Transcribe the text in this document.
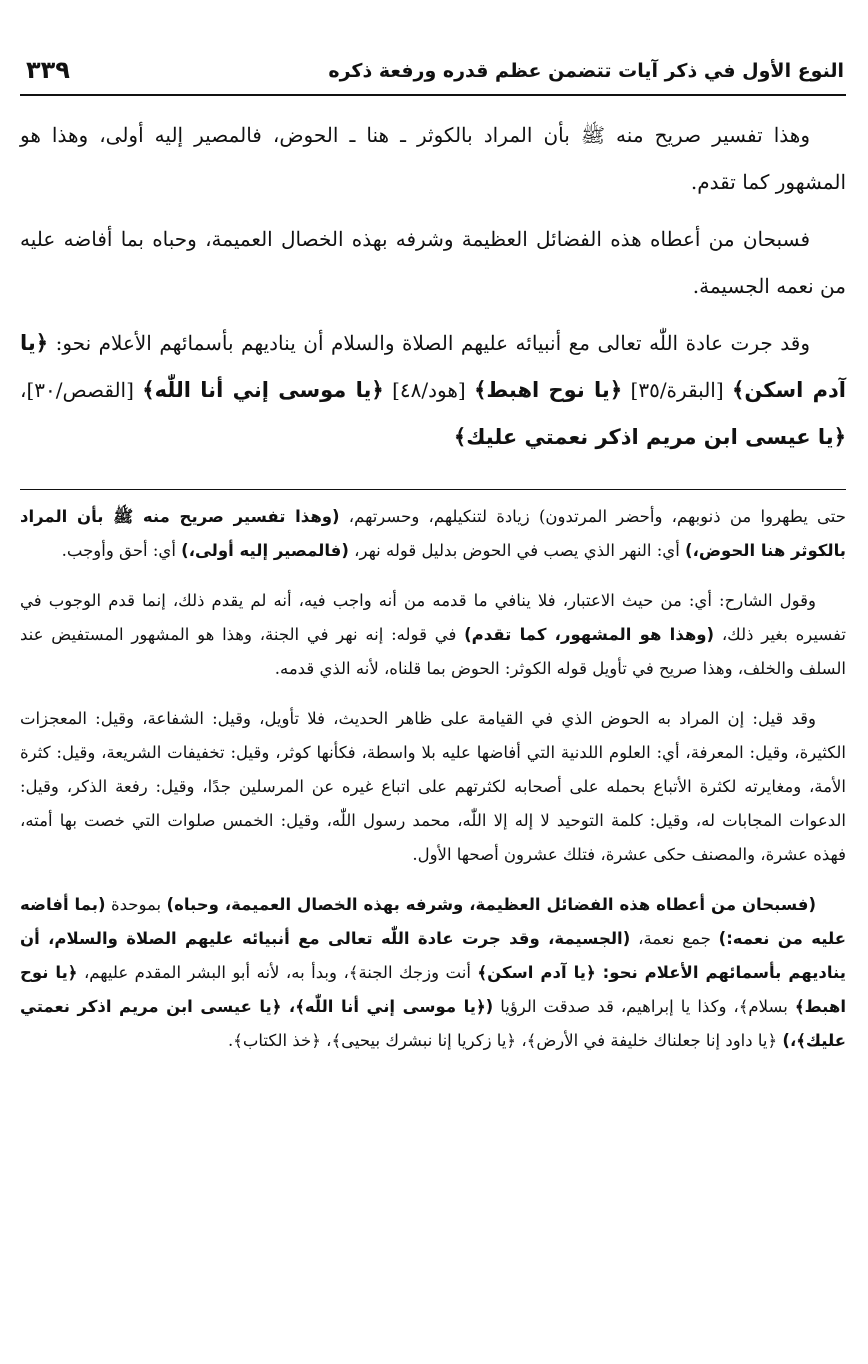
النوع الأول في ذكر آيات تتضمن عظم قدره ورفعة ذكره
٣٣٩

وهذا تفسير صريح منه ﷺ بأن المراد بالكوثر ـ هنا ـ الحوض، فالمصير إليه أولى، وهذا هو المشهور كما تقدم.

فسبحان من أعطاه هذه الفضائل العظيمة وشرفه بهذه الخصال العميمة، وحباه بما أفاضه عليه من نعمه الجسيمة.

وقد جرت عادة اللّٰه تعالى مع أنبيائه عليهم الصلاة والسلام أن يناديهم بأسمائهم الأعلام نحو: ﴿يا آدم اسكن﴾ [البقرة/٣٥] ﴿يا نوح اهبط﴾ [هود/٤٨] ﴿يا موسى إني أنا اللّٰه﴾ [القصص/٣٠]، ﴿يا عيسى ابن مريم اذكر نعمتي عليك﴾

حتى يطهروا من ذنوبهم، وأحضر المرتدون) زيادة لتنكيلهم، وحسرتهم، (وهذا تفسير صريح منه ﷺ بأن المراد بالكوثر هنا الحوض،) أي: النهر الذي يصب في الحوض بدليل قوله نهر، (فالمصير إليه أولى،) أي: أحق وأوجب.

وقول الشارح: أي: من حيث الاعتبار، فلا ينافي ما قدمه من أنه واجب فيه، أنه لم يقدم ذلك، إنما قدم الوجوب في تفسيره بغير ذلك، (وهذا هو المشهور، كما تقدم) في قوله: إنه نهر في الجنة، وهذا هو المشهور المستفيض عند السلف والخلف، وهذا صريح في تأويل قوله الكوثر: الحوض بما قلناه، لأنه الذي قدمه.

وقد قيل: إن المراد به الحوض الذي في القيامة على ظاهر الحديث، فلا تأويل، وقيل: الشفاعة، وقيل: المعجزات الكثيرة، وقيل: المعرفة، أي: العلوم اللدنية التي أفاضها عليه بلا واسطة، فكأنها كوثر، وقيل: تخفيفات الشريعة، وقيل: كثرة الأمة، ومغايرته لكثرة الأتباع بحمله على أصحابه لكثرتهم على اتباع غيره عن المرسلين جدًا، وقيل: رفعة الذكر، وقيل: الدعوات المجابات له، وقيل: كلمة التوحيد لا إله إلا اللّٰه، محمد رسول اللّٰه، وقيل: الخمس صلوات التي خصت بها أمته، فهذه عشرة، والمصنف حكى عشرة، فتلك عشرون أصحها الأول.

(فسبحان من أعطاه هذه الفضائل العظيمة، وشرفه بهذه الخصال العميمة، وحباه) بموحدة (بما أفاضه عليه من نعمه:) جمع نعمة، (الجسيمة، وقد جرت عادة اللّٰه تعالى مع أنبيائه عليهم الصلاة والسلام، أن يناديهم بأسمائهم الأعلام نحو: ﴿يا آدم اسكن﴾ أنت وزجك الجنة﴾، وبدأ به، لأنه أبو البشر المقدم عليهم، ﴿يا نوح اهبط﴾ بسلام﴾، وكذا يا إبراهيم، قد صدقت الرؤيا (﴿يا موسى إني أنا اللّٰه﴾، ﴿يا عيسى ابن مريم اذكر نعمتي عليك﴾،) ﴿يا داود إنا جعلناك خليفة في الأرض﴾، ﴿يا زكريا إنا نبشرك بيحيى﴾، ﴿خذ الكتاب﴾.
